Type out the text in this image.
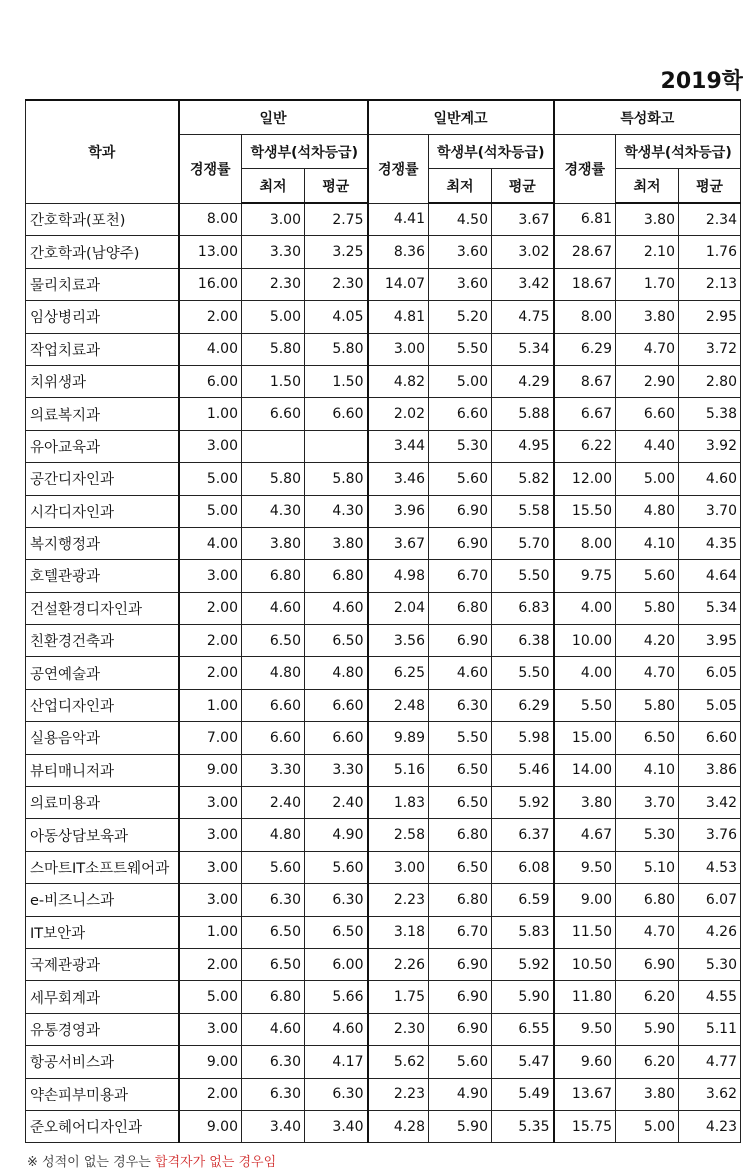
2019학
학과	일반			일반계고			특성화고		
	경쟁률	학생부(석차등급)		경쟁률	학생부(석차등급)		경쟁률	학생부(석차등급)	
		최저	평균		최저	평균		최저	평균
간호학과(포천)	8.00	3.00	2.75	4.41	4.50	3.67	6.81	3.80	2.34
간호학과(남양주)	13.00	3.30	3.25	8.36	3.60	3.02	28.67	2.10	1.76
물리치료과	16.00	2.30	2.30	14.07	3.60	3.42	18.67	1.70	2.13
임상병리과	2.00	5.00	4.05	4.81	5.20	4.75	8.00	3.80	2.95
작업치료과	4.00	5.80	5.80	3.00	5.50	5.34	6.29	4.70	3.72
치위생과	6.00	1.50	1.50	4.82	5.00	4.29	8.67	2.90	2.80
의료복지과	1.00	6.60	6.60	2.02	6.60	5.88	6.67	6.60	5.38
유아교육과	3.00			3.44	5.30	4.95	6.22	4.40	3.92
공간디자인과	5.00	5.80	5.80	3.46	5.60	5.82	12.00	5.00	4.60
시각디자인과	5.00	4.30	4.30	3.96	6.90	5.58	15.50	4.80	3.70
복지행정과	4.00	3.80	3.80	3.67	6.90	5.70	8.00	4.10	4.35
호텔관광과	3.00	6.80	6.80	4.98	6.70	5.50	9.75	5.60	4.64
건설환경디자인과	2.00	4.60	4.60	2.04	6.80	6.83	4.00	5.80	5.34
친환경건축과	2.00	6.50	6.50	3.56	6.90	6.38	10.00	4.20	3.95
공연예술과	2.00	4.80	4.80	6.25	4.60	5.50	4.00	4.70	6.05
산업디자인과	1.00	6.60	6.60	2.48	6.30	6.29	5.50	5.80	5.05
실용음악과	7.00	6.60	6.60	9.89	5.50	5.98	15.00	6.50	6.60
뷰티매니저과	9.00	3.30	3.30	5.16	6.50	5.46	14.00	4.10	3.86
의료미용과	3.00	2.40	2.40	1.83	6.50	5.92	3.80	3.70	3.42
아동상담보육과	3.00	4.80	4.90	2.58	6.80	6.37	4.67	5.30	3.76
스마트IT소프트웨어과	3.00	5.60	5.60	3.00	6.50	6.08	9.50	5.10	4.53
e-비즈니스과	3.00	6.30	6.30	2.23	6.80	6.59	9.00	6.80	6.07
IT보안과	1.00	6.50	6.50	3.18	6.70	5.83	11.50	4.70	4.26
국제관광과	2.00	6.50	6.00	2.26	6.90	5.92	10.50	6.90	5.30
세무회계과	5.00	6.80	5.66	1.75	6.90	5.90	11.80	6.20	4.55
유통경영과	3.00	4.60	4.60	2.30	6.90	6.55	9.50	5.90	5.11
항공서비스과	9.00	6.30	4.17	5.62	5.60	5.47	9.60	6.20	4.77
약손피부미용과	2.00	6.30	6.30	2.23	4.90	5.49	13.67	3.80	3.62
준오헤어디자인과	9.00	3.40	3.40	4.28	5.90	5.35	15.75	5.00	4.23
※ 성적이 없는 경우는 합격자가 없는 경우임
